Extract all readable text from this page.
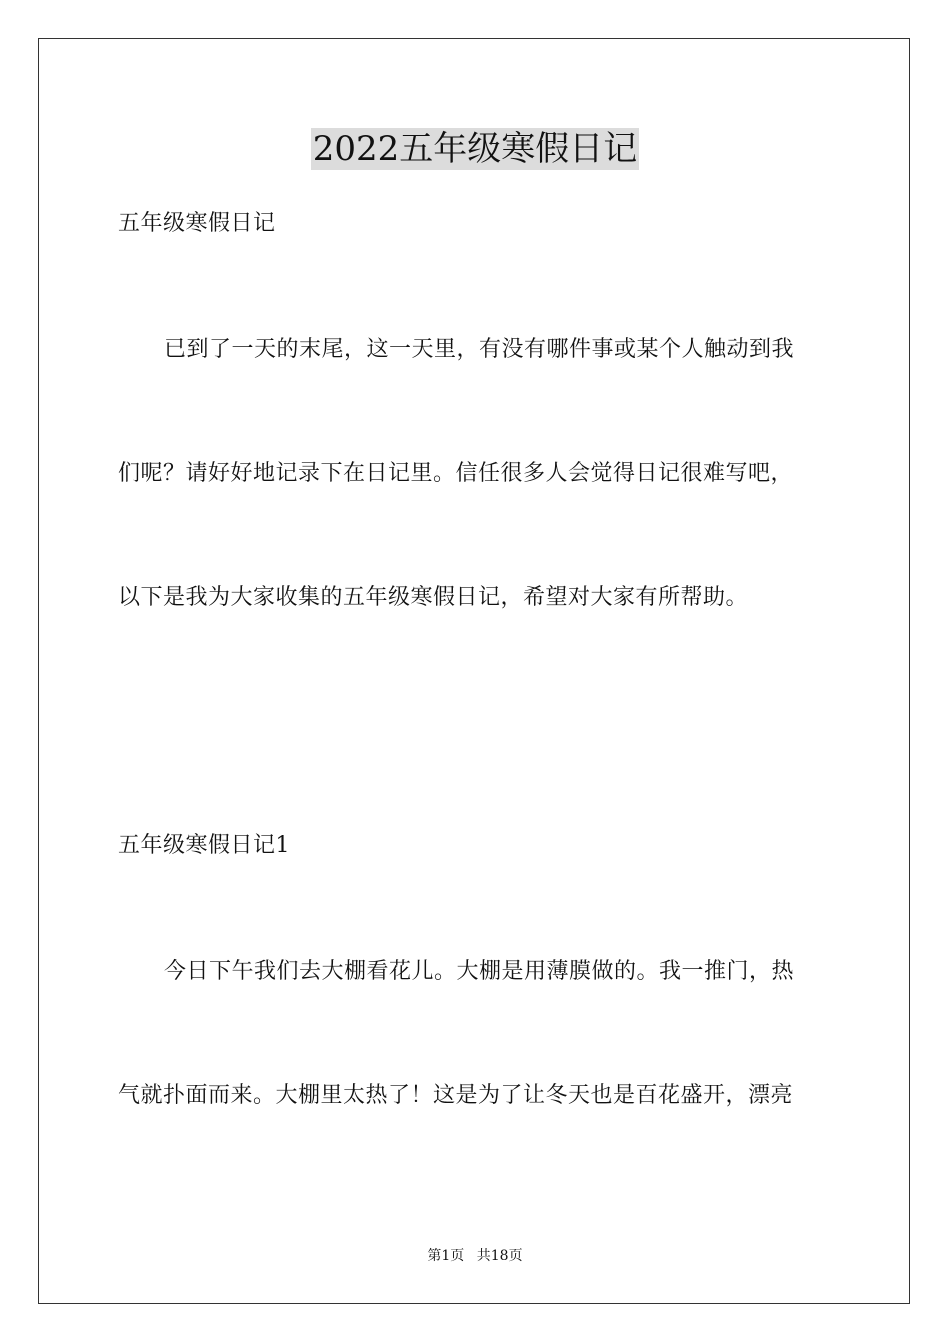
2022五年级寒假日记
五年级寒假日记
已到了一天的末尾，这一天里，有没有哪件事或某个人触动到我
们呢？请好好地记录下在日记里。信任很多人会觉得日记很难写吧，
以下是我为大家收集的五年级寒假日记，希望对大家有所帮助。
五年级寒假日记1
今日下午我们去大棚看花儿。大棚是用薄膜做的。我一推门，热
气就扑面而来。大棚里太热了！这是为了让冬天也是百花盛开，漂亮
第1页 共18页
